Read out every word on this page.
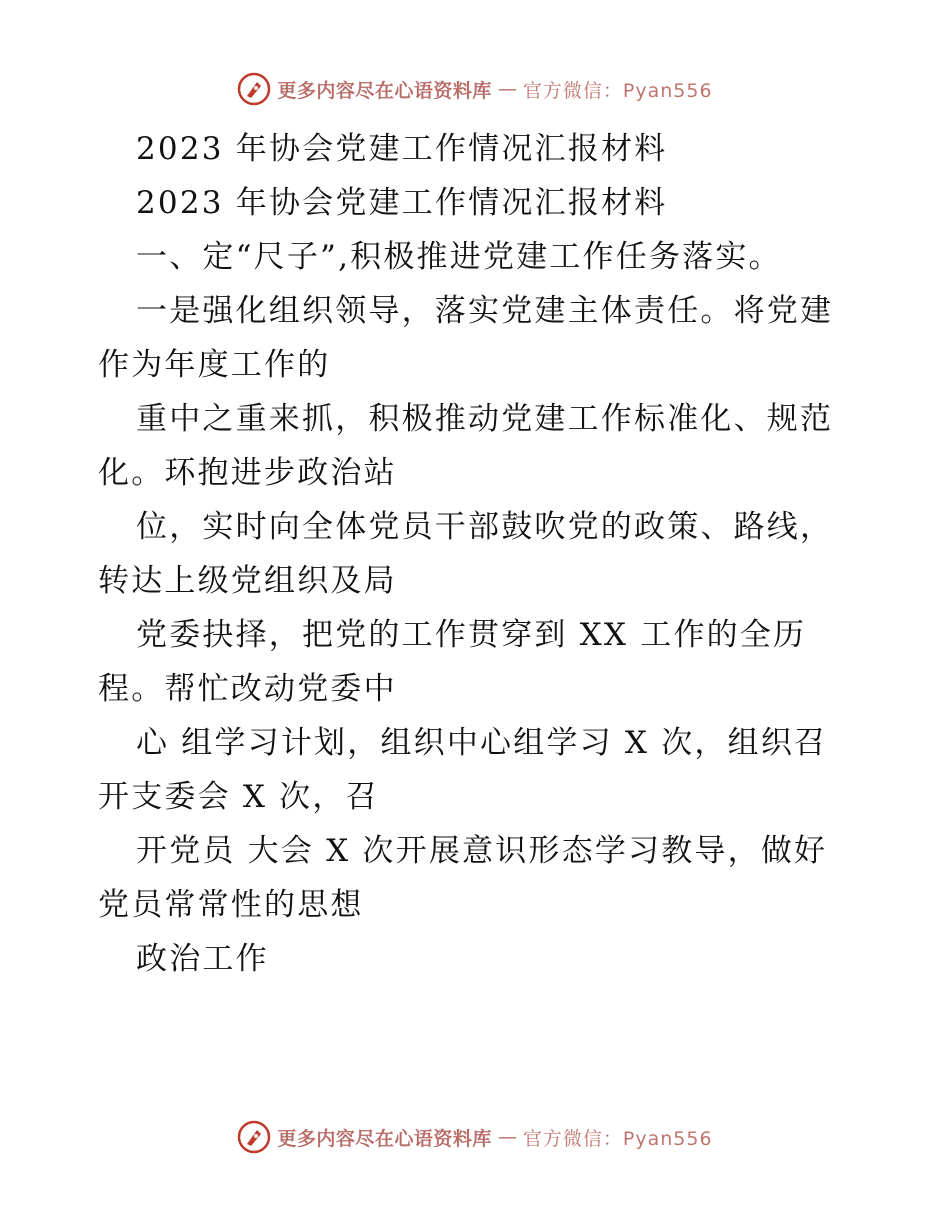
更多内容尽在心语资料库 — 官方微信：Pyan556
2023 年协会党建工作情况汇报材料
2023 年协会党建工作情况汇报材料
一、定“尺子”,积极推进党建工作任务落实。
一是强化组织领导，落实党建主体责任。将党建
作为年度工作的
重中之重来抓，积极推动党建工作标准化、规范
化。环抱进步政治站
位，实时向全体党员干部鼓吹党的政策、路线，
转达上级党组织及局
党委抉择，把党的工作贯穿到 XX 工作的全历
程。帮忙改动党委中
心 组学习计划，组织中心组学习 X 次，组织召
开支委会 X 次，召
开党员 大会 X 次开展意识形态学习教导，做好
党员常常性的思想
政治工作
更多内容尽在心语资料库 — 官方微信：Pyan556
